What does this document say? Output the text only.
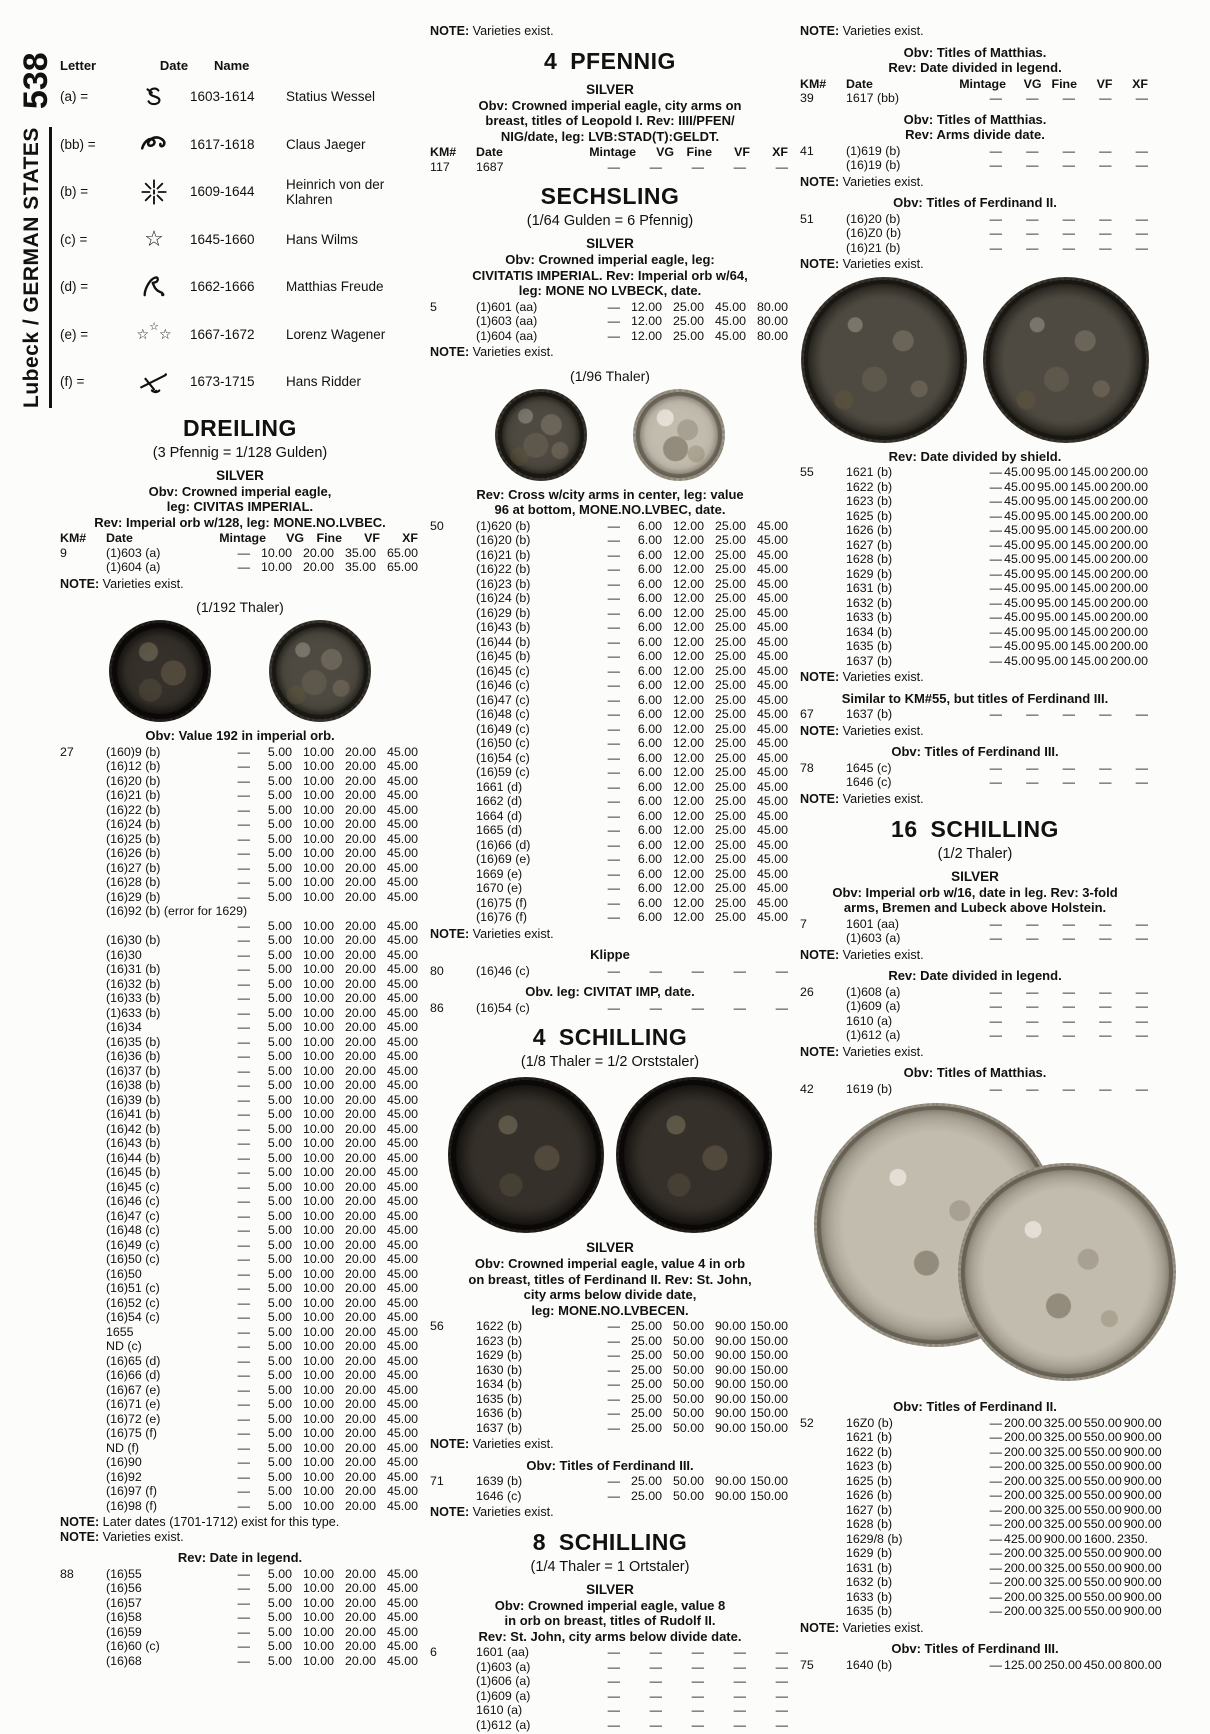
Lubeck / GERMAN STATES
538 Letter	Date	Name
(a) =	1603-1614	Statius Wessel
(bb) =	1617-1618	Claus Jaeger
(b) =	1609-1644	Heinrich von der Klahren
(c) =	☆ 1645-1660	Hans Wilms
(d) =	1662-1666	Matthias Freude
(e) =	☆ ☆ ☆ 1667-1672	Lorenz Wagener
(f) =	1673-1715	Hans Ridder
DREILING
(3 Pfennig = 1/128 Gulden)
SILVER
Obv: Crowned imperial eagle,
leg: CIVITAS IMPERIAL.
Rev: Imperial orb w/128, leg: MONE.NO.LVBEC.
KM#	Date	Mintage	VG	Fine	VF	XF
9	(1)603 (a)	— 10.00 20.00 35.00 65.00
(1)604 (a)	— 10.00 20.00 35.00 65.00
NOTE: Varieties exist.
(1/192 Thaler)
Obv: Value 192 in imperial orb.
27	(160)9 (b)	—	5.00 10.00 20.00 45.00
(16)12 (b)	—	5.00 10.00 20.00 45.00
(16)20 (b)	—	5.00 10.00 20.00 45.00
(16)21 (b)	—	5.00 10.00 20.00 45.00
(16)22 (b)	—	5.00 10.00 20.00 45.00
(16)24 (b)	—	5.00 10.00 20.00 45.00
(16)25 (b)	—	5.00 10.00 20.00 45.00
(16)26 (b)	—	5.00 10.00 20.00 45.00
(16)27 (b)	—	5.00 10.00 20.00 45.00
(16)28 (b)	—	5.00 10.00 20.00 45.00
(16)29 (b)	—	5.00 10.00 20.00 45.00
(16)92 (b) (error for 1629)
—	5.00 10.00 20.00 45.00
(16)30 (b)	—	5.00 10.00 20.00 45.00
(16)30	—	5.00 10.00 20.00 45.00
(16)31 (b)	—	5.00 10.00 20.00 45.00
(16)32 (b)	—	5.00 10.00 20.00 45.00
(16)33 (b)	—	5.00 10.00 20.00 45.00
(1)633 (b)	—	5.00 10.00 20.00 45.00
(16)34	—	5.00 10.00 20.00 45.00
(16)35 (b)	—	5.00 10.00 20.00 45.00
(16)36 (b)	—	5.00 10.00 20.00 45.00
(16)37 (b)	—	5.00 10.00 20.00 45.00
(16)38 (b)	—	5.00 10.00 20.00 45.00
(16)39 (b)	—	5.00 10.00 20.00 45.00
(16)41 (b)	—	5.00 10.00 20.00 45.00
(16)42 (b)	—	5.00 10.00 20.00 45.00
(16)43 (b)	—	5.00 10.00 20.00 45.00
(16)44 (b)	—	5.00 10.00 20.00 45.00
(16)45 (b)	—	5.00 10.00 20.00 45.00
(16)45 (c)	—	5.00 10.00 20.00 45.00
(16)46 (c)	—	5.00 10.00 20.00 45.00
(16)47 (c)	—	5.00 10.00 20.00 45.00
(16)48 (c)	—	5.00 10.00 20.00 45.00
(16)49 (c)	—	5.00 10.00 20.00 45.00
(16)50 (c)	—	5.00 10.00 20.00 45.00
(16)50	—	5.00 10.00 20.00 45.00
(16)51 (c)	—	5.00 10.00 20.00 45.00
(16)52 (c)	—	5.00 10.00 20.00 45.00
(16)54 (c)	—	5.00 10.00 20.00 45.00
1655	—	5.00 10.00 20.00 45.00
ND (c)	—	5.00 10.00 20.00 45.00
(16)65 (d)	—	5.00 10.00 20.00 45.00
(16)66 (d)	—	5.00 10.00 20.00 45.00
(16)67 (e)	—	5.00 10.00 20.00 45.00
(16)71 (e)	—	5.00 10.00 20.00 45.00
(16)72 (e)	—	5.00 10.00 20.00 45.00
(16)75 (f)	—	5.00 10.00 20.00 45.00
ND (f)	—	5.00 10.00 20.00 45.00
(16)90	—	5.00 10.00 20.00 45.00
(16)92	—	5.00 10.00 20.00 45.00
(16)97 (f)	—	5.00 10.00 20.00 45.00
(16)98 (f)	—	5.00 10.00 20.00 45.00
NOTE: Later dates (1701-1712) exist for this type.
NOTE: Varieties exist.
Rev: Date in legend.
88	(16)55	—	5.00 10.00 20.00 45.00
(16)56	—	5.00 10.00 20.00 45.00
(16)57	—	5.00 10.00 20.00 45.00
(16)58	—	5.00 10.00 20.00 45.00
(16)59	—	5.00 10.00 20.00 45.00
(16)60 (c)	—	5.00 10.00 20.00 45.00
(16)68	—	5.00 10.00 20.00 45.00
NOTE: Varieties exist.
4 PFENNIG
SILVER
Obv: Crowned imperial eagle, city arms on
breast, titles of Leopold I. Rev: IIII/PFEN/
NIG/date, leg: LVB:STAD(T):GELDT.
KM#	Date	Mintage	VG	Fine	VF	XF
117	1687	—	—	—	—	—
SECHSLING
(1/64 Gulden = 6 Pfennig)
SILVER
Obv: Crowned imperial eagle, leg:
CIVITATIS IMPERIAL. Rev: Imperial orb w/64,
leg: MONE NO LVBECK, date.
5	(1)601 (aa)	— 12.00 25.00 45.00 80.00
(1)603 (aa)	— 12.00 25.00 45.00 80.00
(1)604 (aa)	— 12.00 25.00 45.00 80.00
NOTE: Varieties exist.
(1/96 Thaler)
Rev: Cross w/city arms in center, leg: value
96 at bottom, MONE.NO.LVBEC, date.
50	(1)620 (b)	—	6.00 12.00 25.00 45.00
(16)20 (b)	—	6.00 12.00 25.00 45.00
(16)21 (b)	—	6.00 12.00 25.00 45.00
(16)22 (b)	—	6.00 12.00 25.00 45.00
(16)23 (b)	—	6.00 12.00 25.00 45.00
(16)24 (b)	—	6.00 12.00 25.00 45.00
(16)29 (b)	—	6.00 12.00 25.00 45.00
(16)43 (b)	—	6.00 12.00 25.00 45.00
(16)44 (b)	—	6.00 12.00 25.00 45.00
(16)45 (b)	—	6.00 12.00 25.00 45.00
(16)45 (c)	—	6.00 12.00 25.00 45.00
(16)46 (c)	—	6.00 12.00 25.00 45.00
(16)47 (c)	—	6.00 12.00 25.00 45.00
(16)48 (c)	—	6.00 12.00 25.00 45.00
(16)49 (c)	—	6.00 12.00 25.00 45.00
(16)50 (c)	—	6.00 12.00 25.00 45.00
(16)54 (c)	—	6.00 12.00 25.00 45.00
(16)59 (c)	—	6.00 12.00 25.00 45.00
1661 (d)	—	6.00 12.00 25.00 45.00
1662 (d)	—	6.00 12.00 25.00 45.00
1664 (d)	—	6.00 12.00 25.00 45.00
1665 (d)	—	6.00 12.00 25.00 45.00
(16)66 (d)	—	6.00 12.00 25.00 45.00
(16)69 (e)	—	6.00 12.00 25.00 45.00
1669 (e)	—	6.00 12.00 25.00 45.00
1670 (e)	—	6.00 12.00 25.00 45.00
(16)75 (f)	—	6.00 12.00 25.00 45.00
(16)76 (f)	—	6.00 12.00 25.00 45.00
NOTE: Varieties exist.
Klippe
80	(16)46 (c)	—	—	—	—	—
Obv. leg: CIVITAT IMP, date.
86	(16)54 (c)	—	—	—	—	—
4 SCHILLING
(1/8 Thaler = 1/2 Orststaler)
SILVER
Obv: Crowned imperial eagle, value 4 in orb
on breast, titles of Ferdinand II. Rev: St. John,
city arms below divide date,
leg: MONE.NO.LVBECEN.
56	1622 (b)	— 25.00 50.00 90.00 150.00
1623 (b)	— 25.00 50.00 90.00 150.00
1629 (b)	— 25.00 50.00 90.00 150.00
1630 (b)	— 25.00 50.00 90.00 150.00
1634 (b)	— 25.00 50.00 90.00 150.00
1635 (b)	— 25.00 50.00 90.00 150.00
1636 (b)	— 25.00 50.00 90.00 150.00
1637 (b)	— 25.00 50.00 90.00 150.00
NOTE: Varieties exist.
Obv: Titles of Ferdinand III.
71	1639 (b)	— 25.00 50.00 90.00 150.00
1646 (c)	— 25.00 50.00 90.00 150.00
NOTE: Varieties exist.
8 SCHILLING
(1/4 Thaler = 1 Ortstaler)
SILVER
Obv: Crowned imperial eagle, value 8
in orb on breast, titles of Rudolf II.
Rev: St. John, city arms below divide date.
6	1601 (aa)	—	—	—	—	—
(1)603 (a)	—	—	—	—	—
(1)606 (a)	—	—	—	—	—
(1)609 (a)	—	—	—	—	—
1610 (a)	—	—	—	—	—
(1)612 (a)	—	—	—	—	—
NOTE: Varieties exist.
Obv: Titles of Matthias.
Rev: Date divided in legend.
KM#	Date	Mintage	VG Fine	VF	XF
39	1617 (bb)	—	—	—	—	—
Obv: Titles of Matthias.
Rev: Arms divide date.
41	(1)619 (b)	—	—	—	—	—
(16)19 (b)	—	—	—	—	—
NOTE: Varieties exist.
Obv: Titles of Ferdinand II.
51	(16)20 (b)	—	—	—	—	—
(16)Z0 (b)	—	—	—	—	—
(16)21 (b)	—	—	—	—	—
NOTE: Varieties exist.
Rev: Date divided by shield.
55	1621 (b)	— 45.00 95.00 145.00 200.00
1622 (b)	— 45.00 95.00 145.00 200.00
1623 (b)	— 45.00 95.00 145.00 200.00
1625 (b)	— 45.00 95.00 145.00 200.00
1626 (b)	— 45.00 95.00 145.00 200.00
1627 (b)	— 45.00 95.00 145.00 200.00
1628 (b)	— 45.00 95.00 145.00 200.00
1629 (b)	— 45.00 95.00 145.00 200.00
1631 (b)	— 45.00 95.00 145.00 200.00
1632 (b)	— 45.00 95.00 145.00 200.00
1633 (b)	— 45.00 95.00 145.00 200.00
1634 (b)	— 45.00 95.00 145.00 200.00
1635 (b)	— 45.00 95.00 145.00 200.00
1637 (b)	— 45.00 95.00 145.00 200.00
NOTE: Varieties exist.
Similar to KM#55, but titles of Ferdinand III.
67	1637 (b)	—	—	—	—	—
NOTE: Varieties exist.
Obv: Titles of Ferdinand III.
78	1645 (c)	—	—	—	—	—
1646 (c)	—	—	—	—	—
NOTE: Varieties exist.
16 SCHILLING
(1/2 Thaler)
SILVER
Obv: Imperial orb w/16, date in leg. Rev: 3-fold
arms, Bremen and Lubeck above Holstein.
7	1601 (aa)	—	—	—	—	—
(1)603 (a)	—	—	—	—	—
NOTE: Varieties exist.
Rev: Date divided in legend.
26	(1)608 (a)	—	—	—	—	—
(1)609 (a)	—	—	—	—	—
1610 (a)	—	—	—	—	—
(1)612 (a)	—	—	—	—	—
NOTE: Varieties exist.
Obv: Titles of Matthias.
42	1619 (b)	—	—	—	—	—
Obv: Titles of Ferdinand II.
52	16Z0 (b)	— 200.00 325.00 550.00 900.00
1621 (b)	— 200.00 325.00 550.00 900.00
1622 (b)	— 200.00 325.00 550.00 900.00
1623 (b)	— 200.00 325.00 550.00 900.00
1625 (b)	— 200.00 325.00 550.00 900.00
1626 (b)	— 200.00 325.00 550.00 900.00
1627 (b)	— 200.00 325.00 550.00 900.00
1628 (b)	— 200.00 325.00 550.00 900.00
1629/8 (b)	— 425.00 900.00 1600. 2350.
1629 (b)	— 200.00 325.00 550.00 900.00
1631 (b)	— 200.00 325.00 550.00 900.00
1632 (b)	— 200.00 325.00 550.00 900.00
1633 (b)	— 200.00 325.00 550.00 900.00
1635 (b)	— 200.00 325.00 550.00 900.00
NOTE: Varieties exist.
Obv: Titles of Ferdinand III.
75	1640 (b)	— 125.00 250.00 450.00 800.00
